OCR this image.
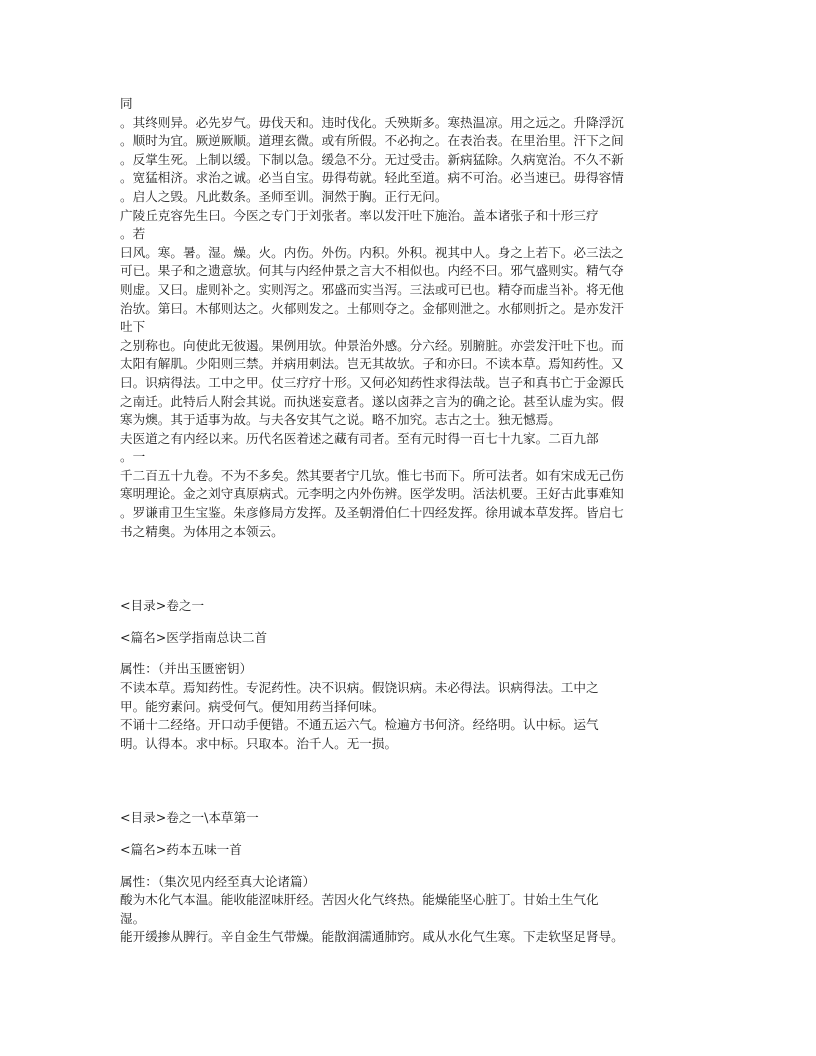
同
。其终则异。必先岁气。毋伐天和。违时伐化。夭殃斯多。寒热温凉。用之远之。升降浮沉
。顺时为宜。厥逆厥顺。道理玄微。或有所假。不必拘之。在表治表。在里治里。汗下之间
。反掌生死。上制以缓。下制以急。缓急不分。无过受击。新病猛除。久病宽治。不久不新
。宽猛相济。求治之诚。必当自宝。毋得苟就。轻此至道。病不可治。必当速已。毋得容情
。启人之毁。凡此数条。圣师至训。洞然于胸。正行无问。
广陵丘克容先生曰。今医之专门于刘张者。率以发汗吐下施治。盖本诸张子和十形三疗
。若
曰风。寒。暑。湿。燥。火。内伤。外伤。内积。外积。视其中人。身之上若下。必三法之
可已。果子和之遗意欤。何其与内经仲景之言大不相似也。内经不曰。邪气盛则实。精气夺
则虚。又曰。虚则补之。实则泻之。邪盛而实当泻。三法或可已也。精夺而虚当补。将无他
治欤。第曰。木郁则达之。火郁则发之。土郁则夺之。金郁则泄之。水郁则折之。是亦发汗
吐下
之别称也。向使此无彼遏。果例用欤。仲景治外感。分六经。别腑脏。亦尝发汗吐下也。而
太阳有解肌。少阳则三禁。并病用刺法。岂无其故欤。子和亦曰。不读本草。焉知药性。又
曰。识病得法。工中之甲。仗三疗疗十形。又何必知药性求得法哉。岂子和真书亡于金源氏
之南迁。此特后人附会其说。而执迷妄意者。遂以卤莽之言为的确之论。甚至认虚为实。假
寒为燠。其于适事为故。与夫各安其气之说。略不加究。志古之士。独无憾焉。
夫医道之有内经以来。历代名医着述之藏有司者。至有元时得一百七十九家。二百九部
。一
千二百五十九卷。不为不多矣。然其要者宁几欤。惟七书而下。所可法者。如有宋成无己伤
寒明理论。金之刘守真原病式。元李明之内外伤辨。医学发明。活法机要。王好古此事难知
。罗谦甫卫生宝鉴。朱彦修局方发挥。及圣朝滑伯仁十四经发挥。徐用诚本草发挥。皆启七
书之精奥。为体用之本领云。
<目录>卷之一
<篇名>医学指南总诀二首
属性：（并出玉匮密钥）
不读本草。焉知药性。专泥药性。决不识病。假饶识病。未必得法。识病得法。工中之
甲。能穷素问。病受何气。便知用药当择何味。
不诵十二经络。开口动手便错。不通五运六气。检遍方书何济。经络明。认中标。运气
明。认得本。求中标。只取本。治千人。无一损。
<目录>卷之一\本草第一
<篇名>药本五味一首
属性：（集次见内经至真大论诸篇）
酸为木化气本温。能收能涩味肝经。苦因火化气终热。能燥能坚心脏丁。甘始土生气化
湿。
能开缓掺从脾行。辛自金生气带燥。能散润濡通肺窍。咸从水化气生寒。下走软坚足肾导。
